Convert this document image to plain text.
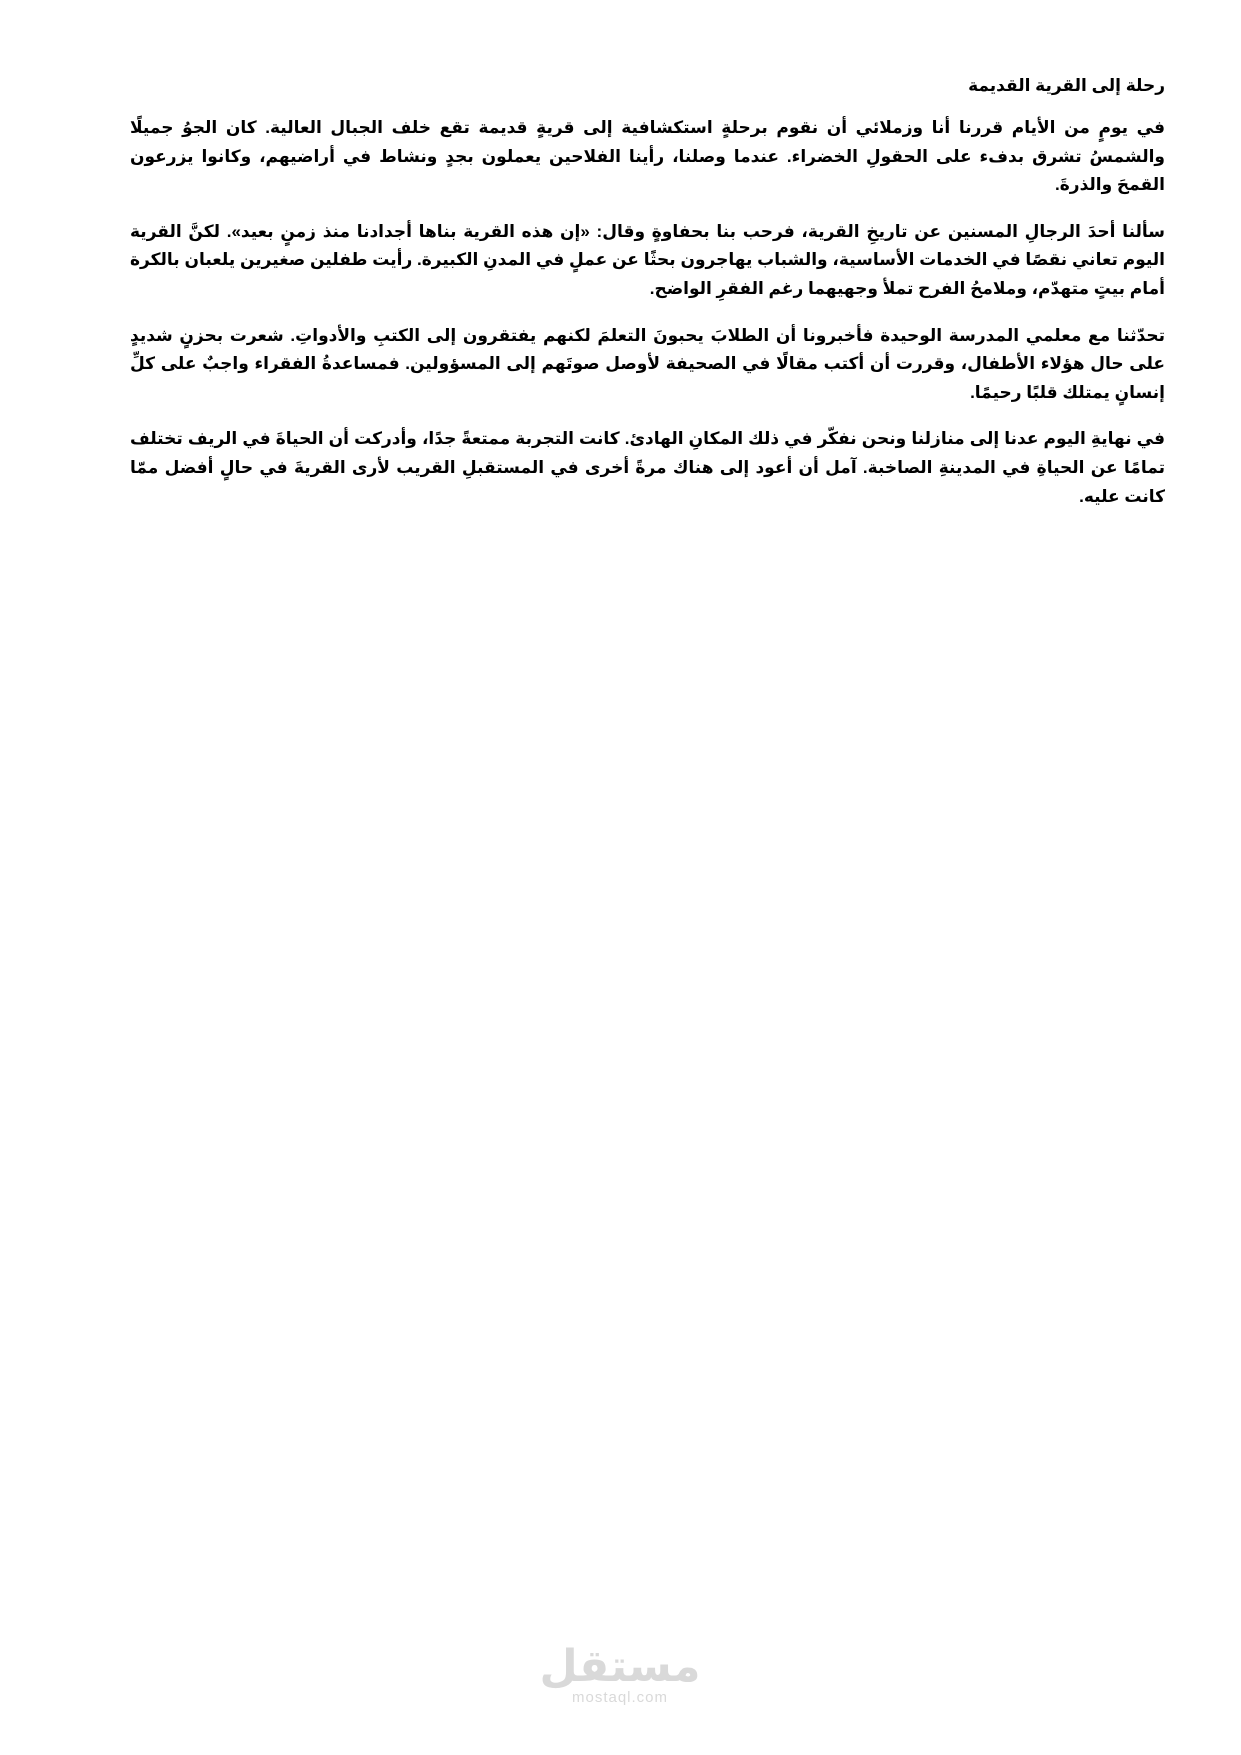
رحلة إلى القرية القديمة

في يومٍ من الأيام قررنا أنا وزملائي أن نقوم برحلةٍ استكشافية إلى قريةٍ قديمة تقع خلف الجبال العالية. كان الجوُ جميلًا والشمسُ تشرق بدفء على الحقولِ الخضراء. عندما وصلنا، رأينا الفلاحين يعملون بجدٍ ونشاط في أراضيهم، وكانوا يزرعون القمحَ والذرةَ.

سألنا أحدَ الرجالِ المسنين عن تاريخِ القرية، فرحب بنا بحفاوةٍ وقال: «إن هذه القرية بناها أجدادنا منذ زمنٍ بعيد». لكنَّ القرية اليوم تعاني نقصًا في الخدمات الأساسية، والشباب يهاجرون بحثًا عن عملٍ في المدنِ الكبيرة. رأيت طفلين صغيرين يلعبان بالكرة أمام بيتٍ متهدّم، وملامحُ الفرح تملأ وجهيهما رغم الفقرِ الواضح.

تحدّثنا مع معلمي المدرسة الوحيدة فأخبرونا أن الطلابَ يحبونَ التعلمَ لكنهم يفتقرون إلى الكتبِ والأدواتِ. شعرت بحزنٍ شديدٍ على حال هؤلاء الأطفال، وقررت أن أكتب مقالًا في الصحيفة لأوصل صوتَهم إلى المسؤولين. فمساعدةُ الفقراء واجبٌ على كلِّ إنسانٍ يمتلك قلبًا رحيمًا.

في نهايةِ اليوم عدنا إلى منازلنا ونحن نفكّر في ذلك المكانِ الهادئ. كانت التجربة ممتعةً جدًا، وأدركت أن الحياةَ في الريف تختلف تمامًا عن الحياةِ في المدينةِ الصاخبة. آمل أن أعود إلى هناك مرةً أخرى في المستقبلِ القريب لأرى القريةَ في حالٍ أفضل ممّا كانت عليه.

مستقل
mostaql.com
